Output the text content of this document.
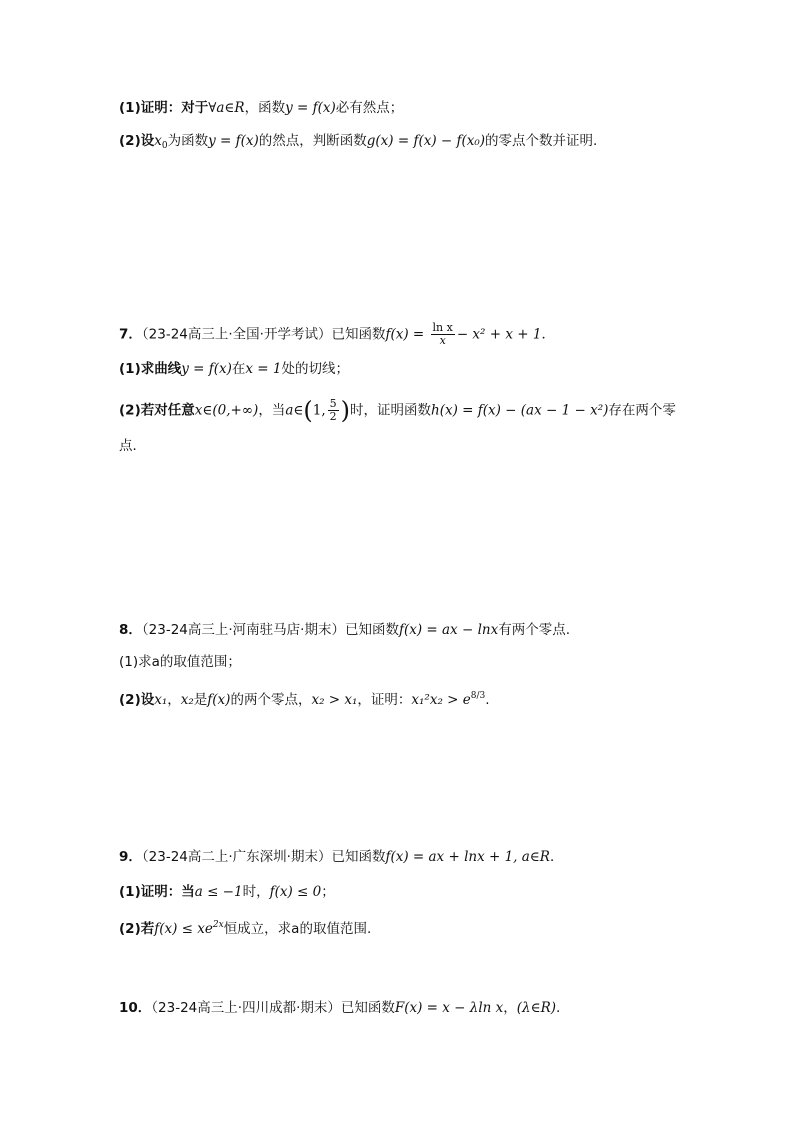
(1)证明：对于∀a∈R，函数y = f(x)必有然点；
(2)设$x_0$为函数y = f(x)的然点，判断函数g(x) = f(x) − f(x₀)的零点个数并证明.
7．（23-24高三上·全国·开学考试）已知函数$f(x) = \frac{\text{ln x}}{x} - x^2 + x + 1$．
(1)求曲线y = f(x)在x = 1处的切线；
(2)若对任意x∈(0,+∞)，当a∈(1, $\frac{5}{2}$ )时，证明函数h(x) = f(x) − (ax − 1 − x²)存在两个零
点．
8．（23-24高三上·河南驻马店·期末）已知函数f(x) = ax − lnx有两个零点.
(1)求a的取值范围；
(2)设x₁，x₂是f(x)的两个零点，x₂ > x₁，证明：$x_1^2x_2 > e^{8/3}$.
9．（23-24高二上·广东深圳·期末）已知函数f(x) = ax + lnx + 1, a∈R．
(1)证明：当a ≤ −1时，f(x) ≤ 0；
(2)若$f(x) \le xe^{2x}$恒成立，求a的取值范围.
10．（23-24高三上·四川成都·期末）已知函数F(x) = x − λln x，(λ∈R).
